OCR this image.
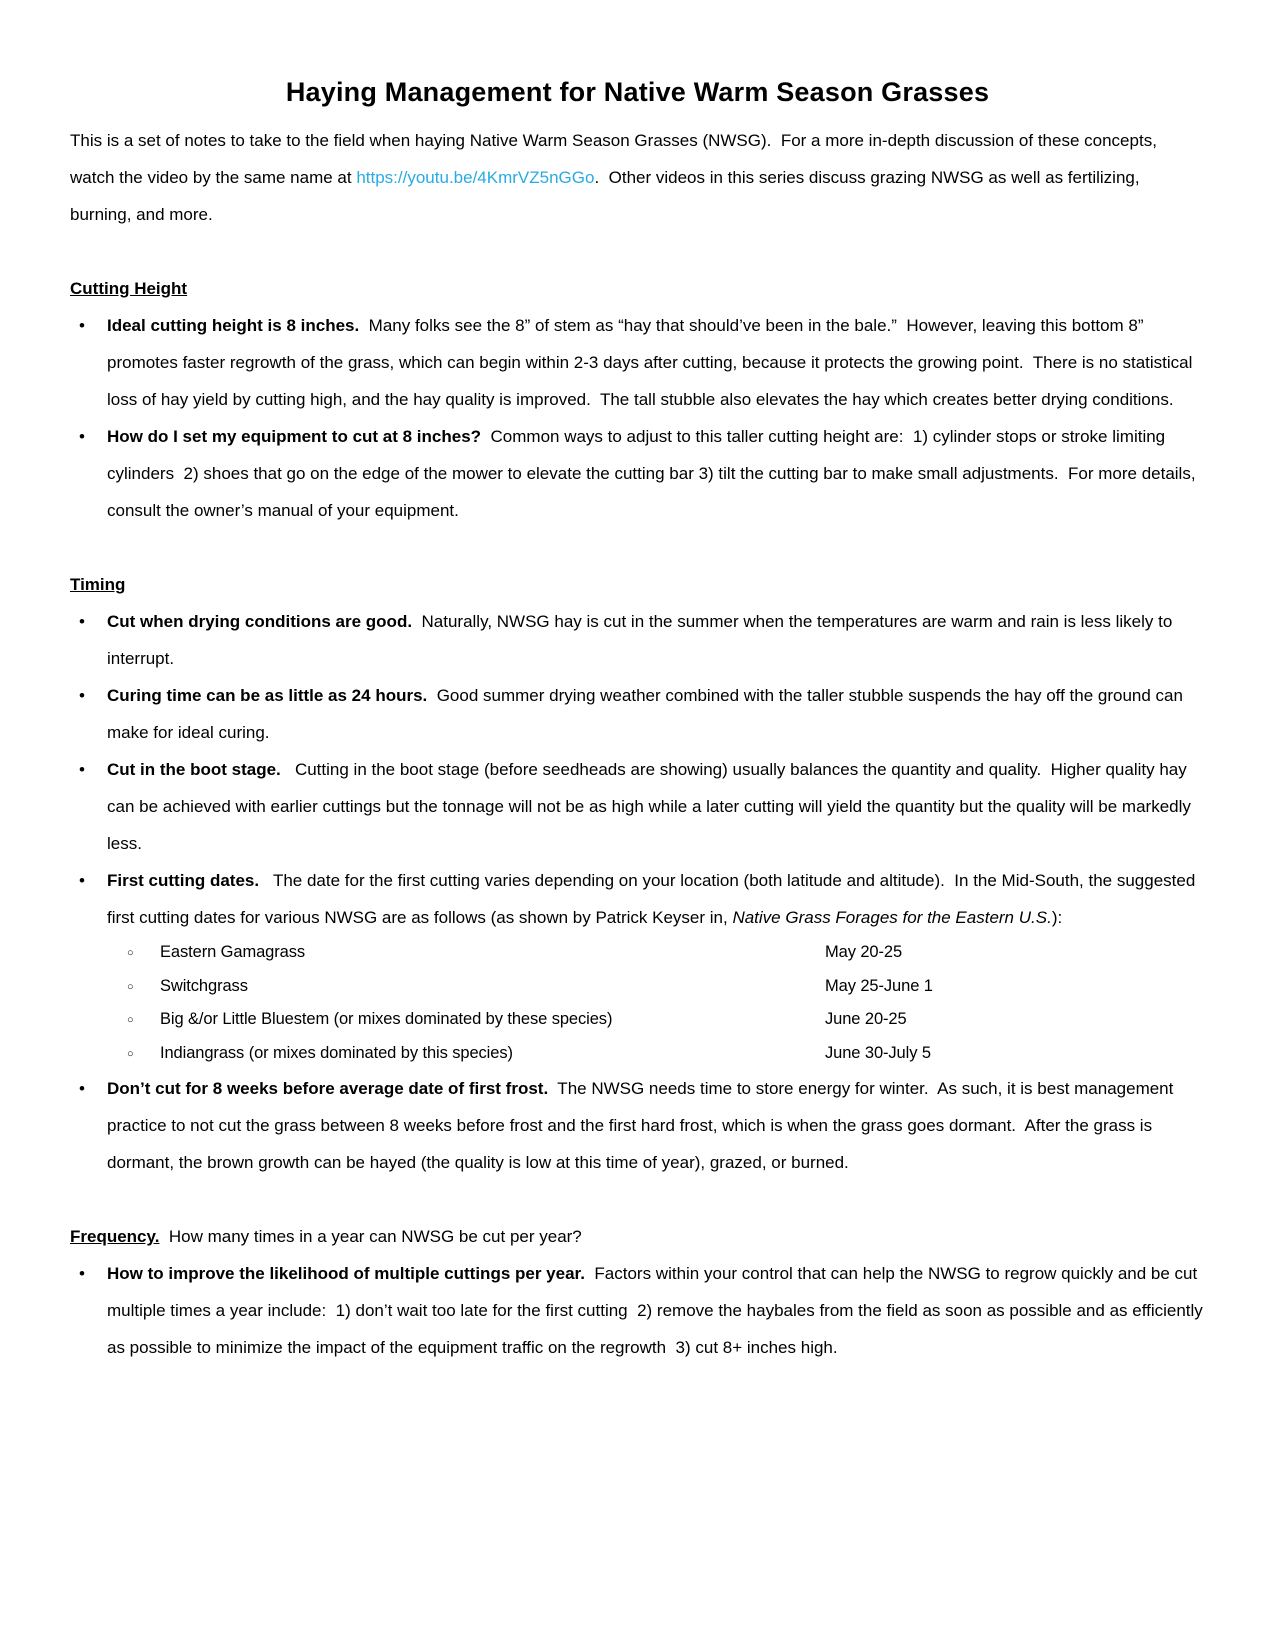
Haying Management for Native Warm Season Grasses

This is a set of notes to take to the field when haying Native Warm Season Grasses (NWSG).  For a more in-depth discussion of these concepts, watch the video by the same name at https://youtu.be/4KmrVZ5nGGo.  Other videos in this series discuss grazing NWSG as well as fertilizing, burning, and more.

Cutting Height
• Ideal cutting height is 8 inches.  Many folks see the 8” of stem as “hay that should’ve been in the bale.”  However, leaving this bottom 8” promotes faster regrowth of the grass, which can begin within 2-3 days after cutting, because it protects the growing point.  There is no statistical loss of hay yield by cutting high, and the hay quality is improved.  The tall stubble also elevates the hay which creates better drying conditions.
• How do I set my equipment to cut at 8 inches?  Common ways to adjust to this taller cutting height are:  1) cylinder stops or stroke limiting cylinders  2) shoes that go on the edge of the mower to elevate the cutting bar 3) tilt the cutting bar to make small adjustments.  For more details, consult the owner’s manual of your equipment.
Timing
• Cut when drying conditions are good.  Naturally, NWSG hay is cut in the summer when the temperatures are warm and rain is less likely to interrupt.
• Curing time can be as little as 24 hours.  Good summer drying weather combined with the taller stubble suspends the hay off the ground can make for ideal curing.
• Cut in the boot stage.   Cutting in the boot stage (before seedheads are showing) usually balances the quantity and quality.  Higher quality hay can be achieved with earlier cuttings but the tonnage will not be as high while a later cutting will yield the quantity but the quality will be markedly less.
• First cutting dates.   The date for the first cutting varies depending on your location (both latitude and altitude).  In the Mid-South, the suggested first cutting dates for various NWSG are as follows (as shown by Patrick Keyser in, Native Grass Forages for the Eastern U.S.):
○	Eastern Gamagrass	May 20-25
○	Switchgrass	May 25-June 1
○	Big &/or Little Bluestem (or mixes dominated by these species)	June 20-25
○	Indiangrass (or mixes dominated by this species)	June 30-July 5
• Don’t cut for 8 weeks before average date of first frost.  The NWSG needs time to store energy for winter.  As such, it is best management practice to not cut the grass between 8 weeks before frost and the first hard frost, which is when the grass goes dormant.  After the grass is dormant, the brown growth can be hayed (the quality is low at this time of year), grazed, or burned.

Frequency.  How many times in a year can NWSG be cut per year?

• How to improve the likelihood of multiple cuttings per year.  Factors within your control that can help the NWSG to regrow quickly and be cut multiple times a year include:  1) don’t wait too late for the first cutting  2) remove the haybales from the field as soon as possible and as efficiently as possible to minimize the impact of the equipment traffic on the regrowth  3) cut 8+ inches high.
